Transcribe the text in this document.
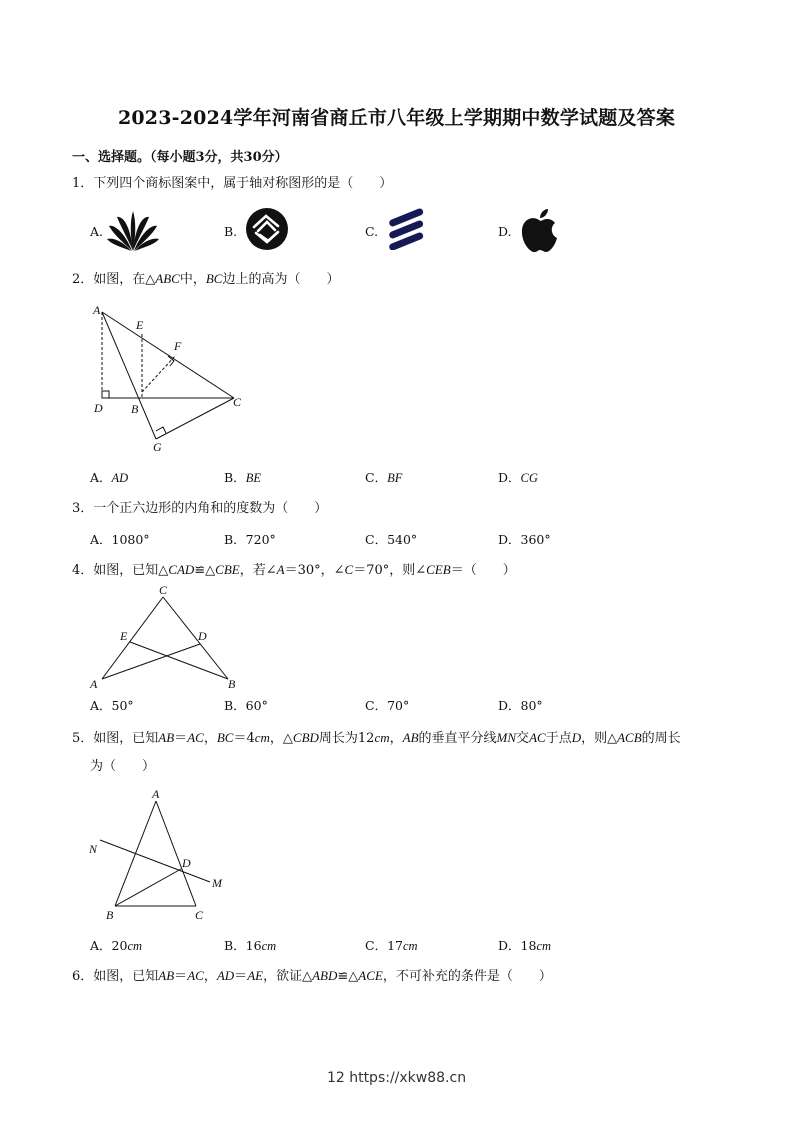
2023-2024学年河南省商丘市八年级上学期期中数学试题及答案
一、选择题。（每小题3分，共30分）
1．下列四个商标图案中，属于轴对称图形的是（　　）
A.	B.	C.	D.
2．如图，在△ABC中，BC边上的高为（　　）
A
E
F
D B	C
G
A．AD	B．BE	C．BF	D．CG
3．一个正六边形的内角和的度数为（　　）
A．1080°	B．720°	C．540°	D．360°
4．如图，已知△CAD≌△CBE，若∠A＝30°，∠C＝70°，则∠CEB＝（　　）
C
E	D
A	B
A．50°	B．60°	C．70°	D．80°
5．如图，已知AB＝AC，BC＝4cm，△CBD周长为12cm，AB的垂直平分线MN交AC于点D，则△ACB的周长
为（　　）
A
N
D
M
B	C
A．20cm	B．16cm	C．17cm	D．18cm
6．如图，已知AB＝AC，AD＝AE，欲证△ABD≌△ACE，不可补充的条件是（　　）
12 https://xkw88.cn
